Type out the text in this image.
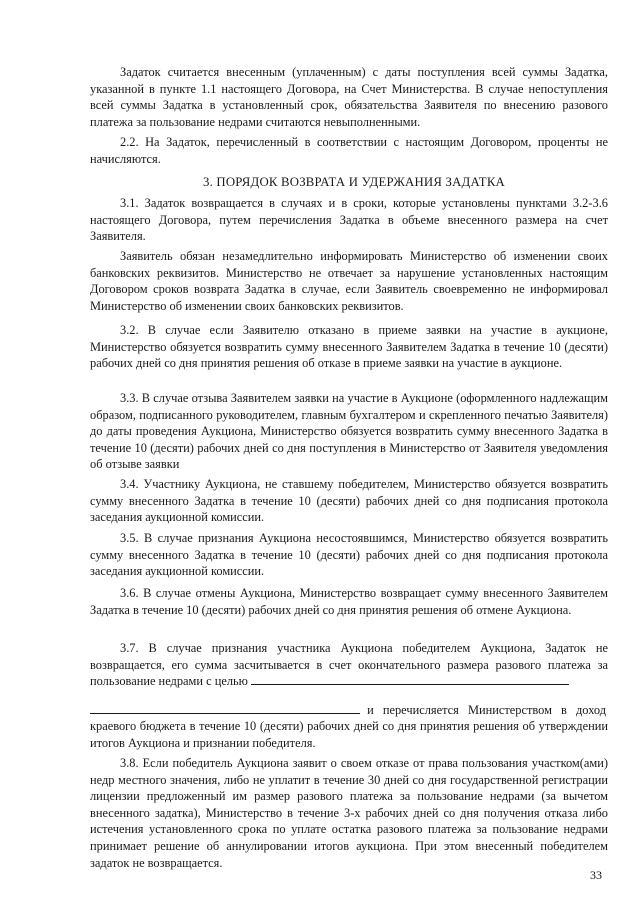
Задаток считается внесенным (уплаченным) с даты поступления всей суммы Задатка, указанной в пункте 1.1 настоящего Договора, на Счет Министерства. В случае непоступления всей суммы Задатка в установленный срок, обязательства Заявителя по внесению разового платежа за пользование недрами считаются невыполненными.

2.2. На Задаток, перечисленный в соответствии с настоящим Договором, проценты не начисляются.

3. ПОРЯДОК ВОЗВРАТА И УДЕРЖАНИЯ ЗАДАТКА

3.1. Задаток возвращается в случаях и в сроки, которые установлены пунктами 3.2-3.6 настоящего Договора, путем перечисления Задатка в объеме внесенного размера на счет Заявителя.

Заявитель обязан незамедлительно информировать Министерство об изменении своих банковских реквизитов. Министерство не отвечает за нарушение установленных настоящим Договором сроков возврата Задатка в случае, если Заявитель своевременно не информировал Министерство об изменении своих банковских реквизитов.

3.2. В случае если Заявителю отказано в приеме заявки на участие в аукционе, Министерство обязуется возвратить сумму внесенного Заявителем Задатка в течение 10 (десяти) рабочих дней со дня принятия решения об отказе в приеме заявки на участие в аукционе.

3.3. В случае отзыва Заявителем заявки на участие в Аукционе (оформленного надлежащим образом, подписанного руководителем, главным бухгалтером и скрепленного печатью Заявителя) до даты проведения Аукциона, Министерство обязуется возвратить сумму внесенного Задатка в течение 10 (десяти) рабочих дней со дня поступления в Министерство от Заявителя уведомления об отзыве заявки

3.4. Участнику Аукциона, не ставшему победителем, Министерство обязуется возвратить сумму внесенного Задатка в течение 10 (десяти) рабочих дней со дня подписания протокола заседания аукционной комиссии.

3.5. В случае признания Аукциона несостоявшимся, Министерство обязуется возвратить сумму внесенного Задатка в течение 10 (десяти) рабочих дней со дня подписания протокола заседания аукционной комиссии.

3.6. В случае отмены Аукциона, Министерство возвращает сумму внесенного Заявителем Задатка в течение 10 (десяти) рабочих дней со дня принятия решения об отмене Аукциона.

3.7. В случае признания участника Аукциона победителем Аукциона, Задаток не возвращается, его сумма засчитывается в счет окончательного размера разового платежа за пользование недрами с целью
и перечисляется Министерством в доход

краевого бюджета в течение 10 (десяти) рабочих дней со дня принятия решения об утверждении итогов Аукциона и признании победителя.

3.8. Если победитель Аукциона заявит о своем отказе от права пользования участком(ами) недр местного значения, либо не уплатит в течение 30 дней со дня государственной регистрации лицензии предложенный им размер разового платежа за пользование недрами (за вычетом внесенного задатка), Министерство в течение 3-х рабочих дней со дня получения отказа либо истечения установленного срока по уплате остатка разового платежа за пользование недрами принимает решение об аннулировании итогов аукциона. При этом внесенный победителем задаток не возвращается.

33
